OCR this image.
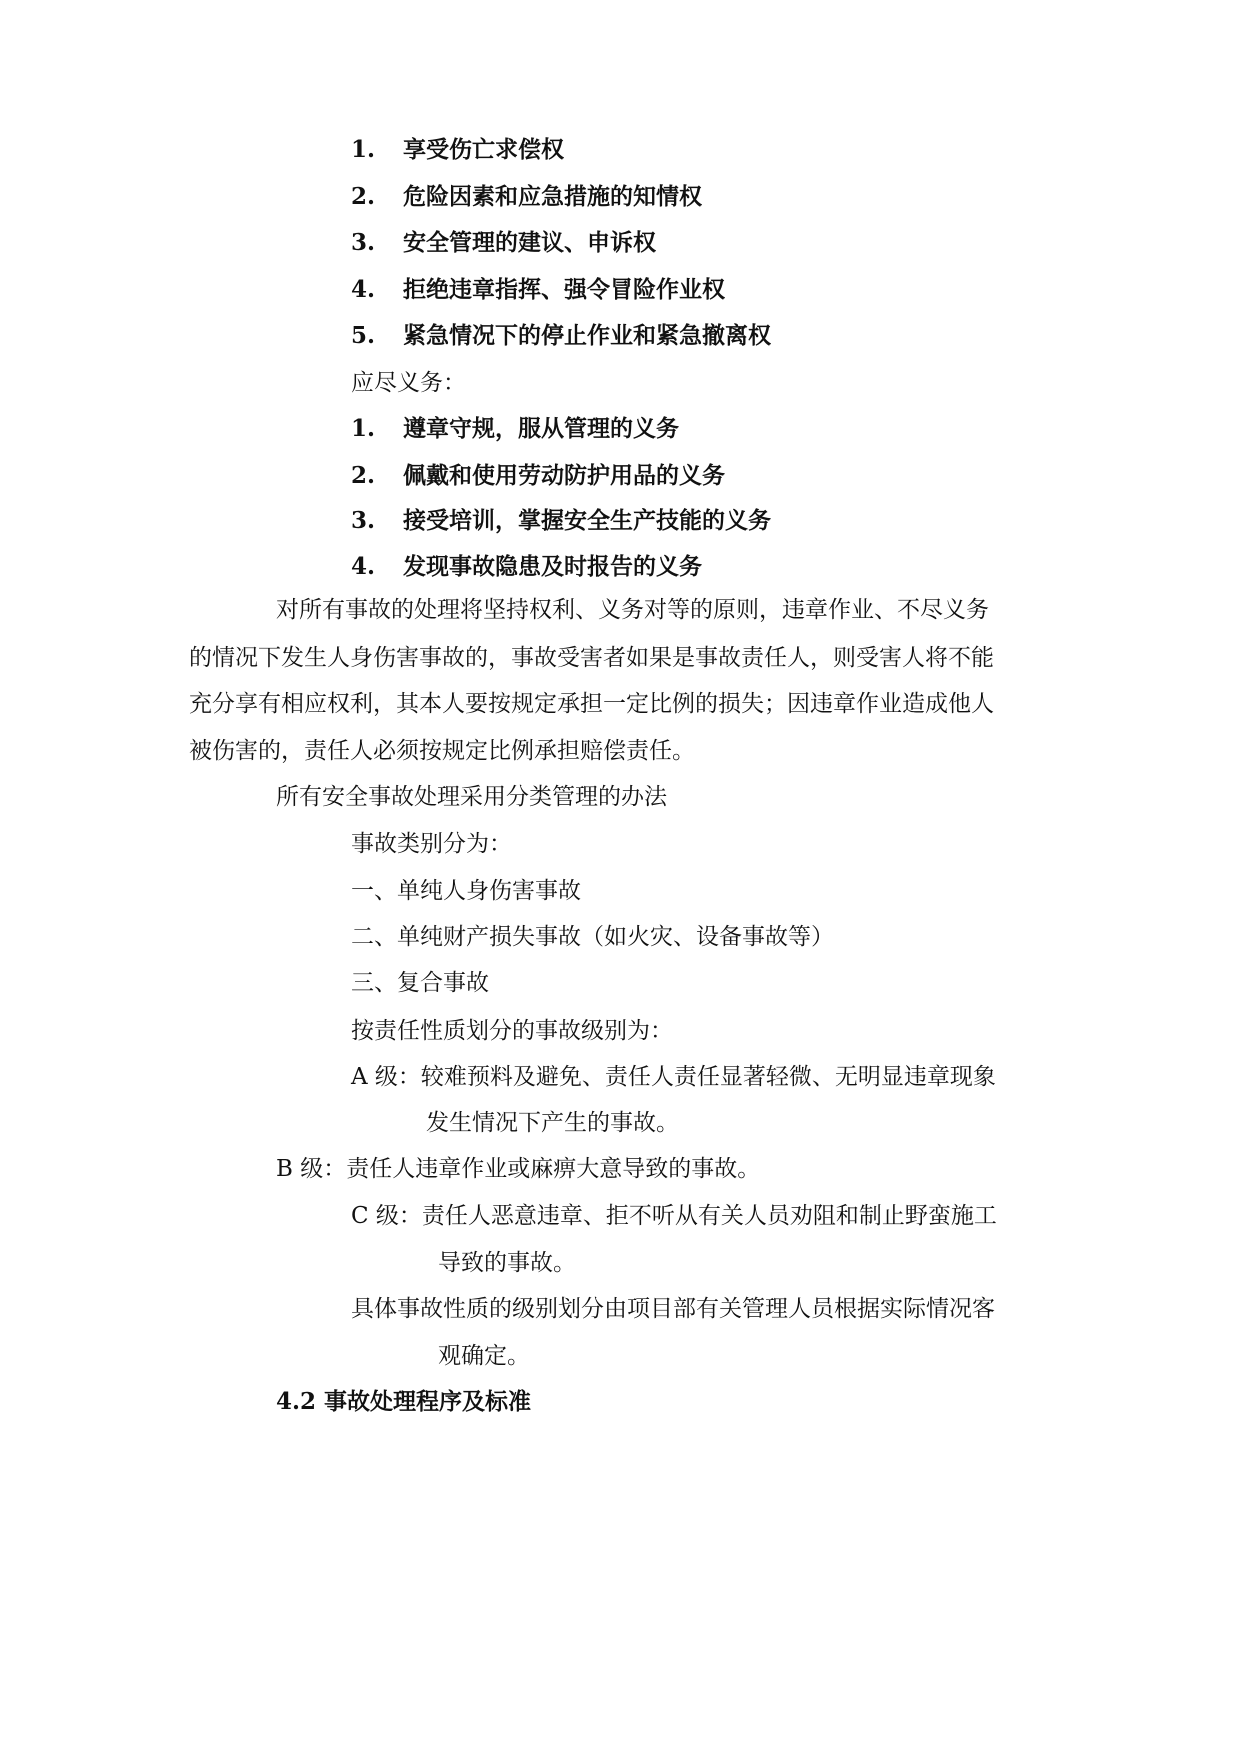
1. 享受伤亡求偿权
2. 危险因素和应急措施的知情权
3. 安全管理的建议、申诉权
4. 拒绝违章指挥、强令冒险作业权
5. 紧急情况下的停止作业和紧急撤离权
应尽义务：
1. 遵章守规，服从管理的义务
2. 佩戴和使用劳动防护用品的义务
3. 接受培训，掌握安全生产技能的义务
4. 发现事故隐患及时报告的义务
对所有事故的处理将坚持权利、义务对等的原则，违章作业、不尽义务
的情况下发生人身伤害事故的，事故受害者如果是事故责任人，则受害人将不能
充分享有相应权利，其本人要按规定承担一定比例的损失；因违章作业造成他人
被伤害的，责任人必须按规定比例承担赔偿责任。
所有安全事故处理采用分类管理的办法
事故类别分为：
一、单纯人身伤害事故
二、单纯财产损失事故（如火灾、设备事故等）
三、复合事故
按责任性质划分的事故级别为：
A 级：较难预料及避免、责任人责任显著轻微、无明显违章现象
发生情况下产生的事故。
B 级：责任人违章作业或麻痹大意导致的事故。
C 级：责任人恶意违章、拒不听从有关人员劝阻和制止野蛮施工
导致的事故。
具体事故性质的级别划分由项目部有关管理人员根据实际情况客
观确定。
4.2 事故处理程序及标准
